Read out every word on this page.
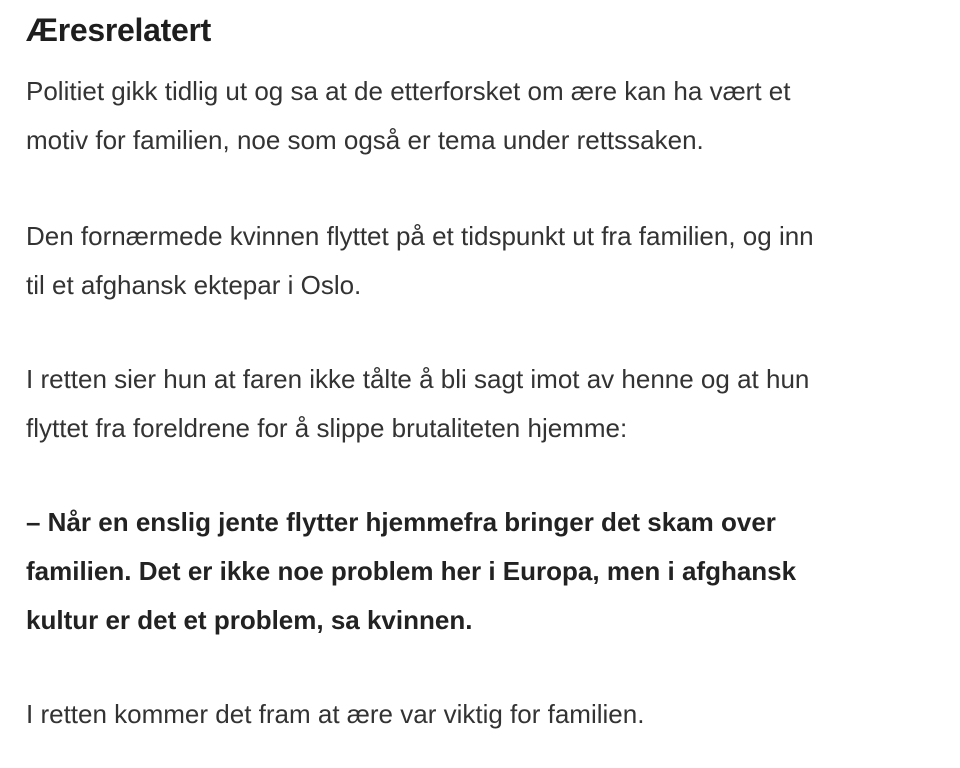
Æresrelatert

Politiet gikk tidlig ut og sa at de etterforsket om ære kan ha vært et
motiv for familien, noe som også er tema under rettssaken.

Den fornærmede kvinnen flyttet på et tidspunkt ut fra familien, og inn
til et afghansk ektepar i Oslo.

I retten sier hun at faren ikke tålte å bli sagt imot av henne og at hun
flyttet fra foreldrene for å slippe brutaliteten hjemme:

– Når en enslig jente flytter hjemmefra bringer det skam over
familien. Det er ikke noe problem her i Europa, men i afghansk
kultur er det et problem, sa kvinnen.

I retten kommer det fram at ære var viktig for familien.
